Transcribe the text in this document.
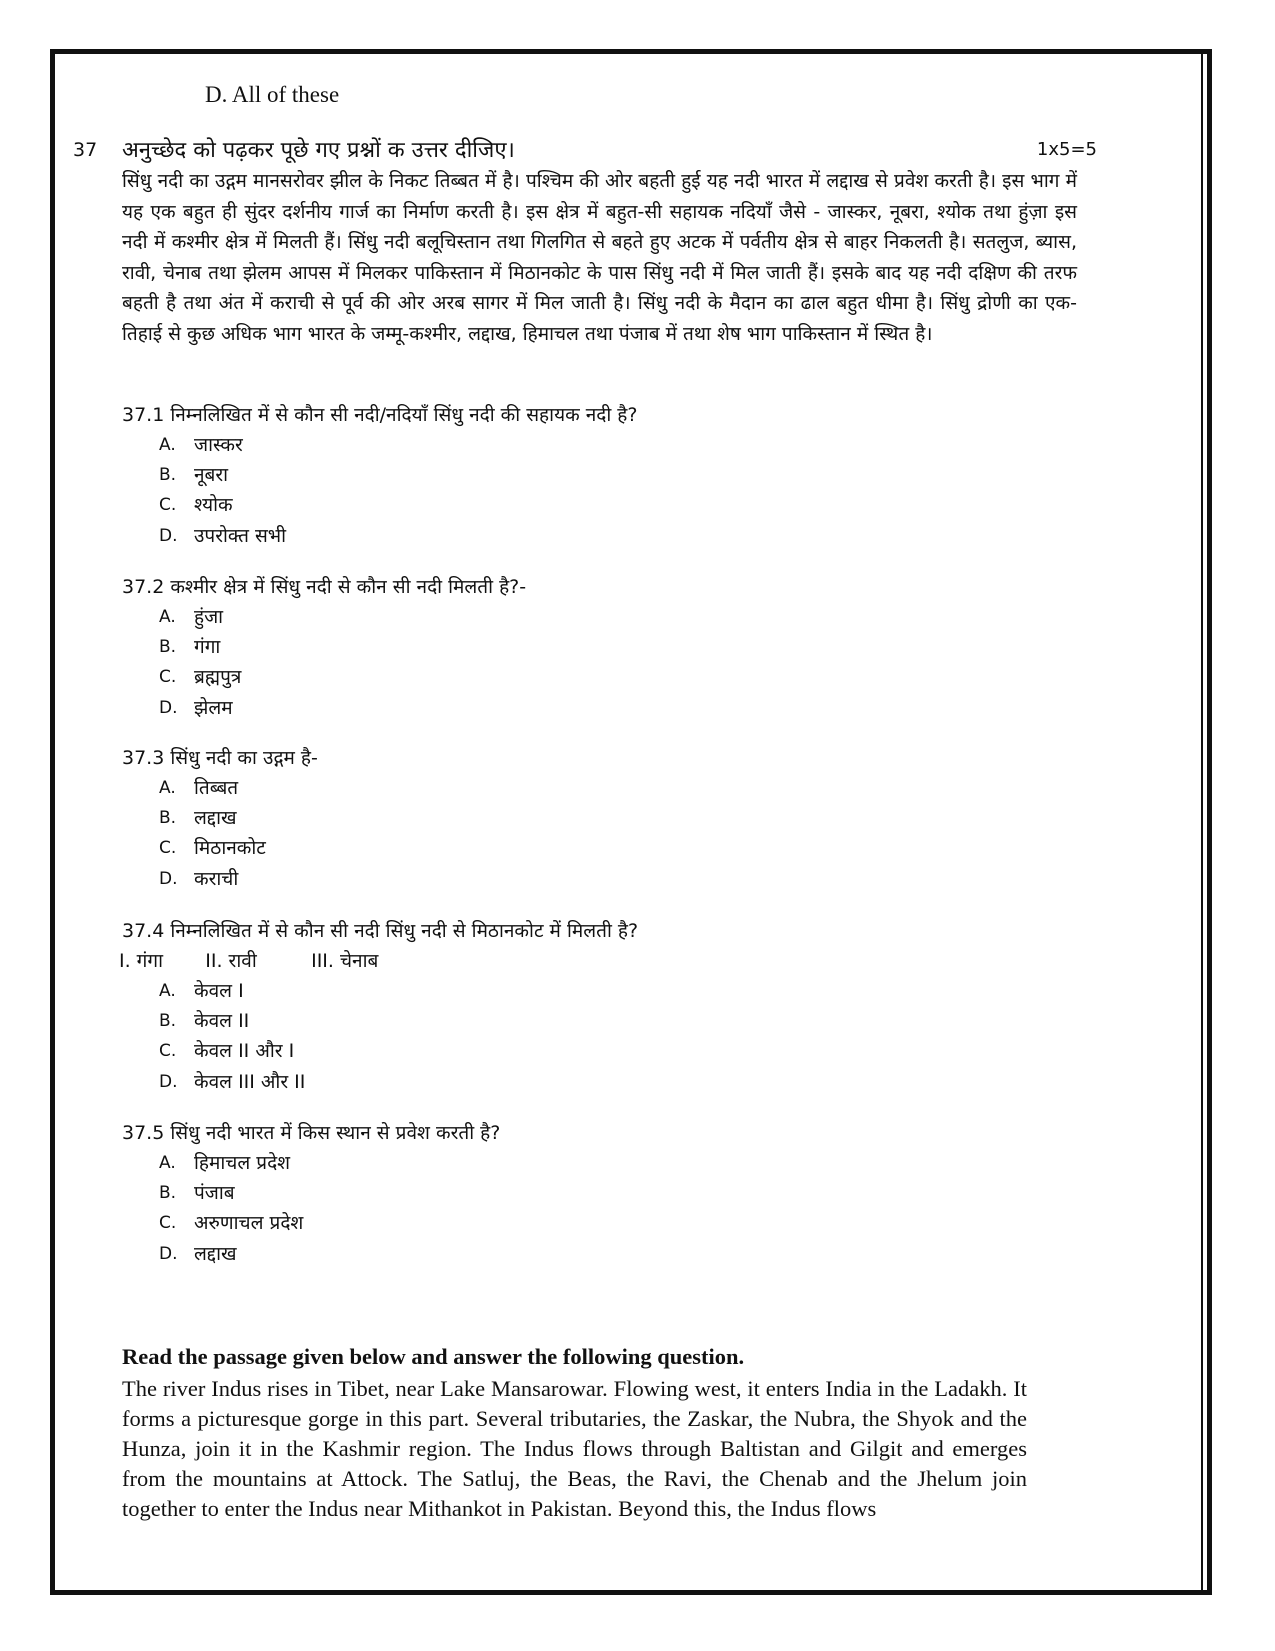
D. All of these
37 अनुच्छेद को पढ़कर पूछे गए प्रश्नों क उत्तर दीजिए।	1x5=5
सिंधु नदी का उद्गम मानसरोवर झील के निकट तिब्बत में है। पश्चिम की ओर बहती हुई यह नदी भारत में लद्दाख से प्रवेश करती है। इस भाग में यह एक बहुत ही सुंदर दर्शनीय गार्ज का निर्माण करती है। इस क्षेत्र में बहुत-सी सहायक नदियाँ जैसे - जास्कर, नूबरा, श्योक तथा हुंज़ा इस नदी में कश्मीर क्षेत्र में मिलती हैं। सिंधु नदी बलूचिस्तान तथा गिलगित से बहते हुए अटक में पर्वतीय क्षेत्र से बाहर निकलती है। सतलुज, ब्यास, रावी, चेनाब तथा झेलम आपस में मिलकर पाकिस्तान में मिठानकोट के पास सिंधु नदी में मिल जाती हैं। इसके बाद यह नदी दक्षिण की तरफ बहती है तथा अंत में कराची से पूर्व की ओर अरब सागर में मिल जाती है। सिंधु नदी के मैदान का ढाल बहुत धीमा है। सिंधु द्रोणी का एक-तिहाई से कुछ अधिक भाग भारत के जम्मू-कश्मीर, लद्दाख, हिमाचल तथा पंजाब में तथा शेष भाग पाकिस्तान में स्थित है।
37.1 निम्नलिखित में से कौन सी नदी/नदियाँ सिंधु नदी की सहायक नदी है?
A. जास्कर
B. नूबरा
C. श्योक
D. उपरोक्त सभी
37.2 कश्मीर क्षेत्र में सिंधु नदी से कौन सी नदी मिलती है?-
A. हुंजा
B. गंगा
C. ब्रह्मपुत्र
D. झेलम
37.3 सिंधु नदी का उद्गम है-
A. तिब्बत
B. लद्दाख
C. मिठानकोट
D. कराची
37.4 निम्नलिखित में से कौन सी नदी सिंधु नदी से मिठानकोट में मिलती है?
I. गंगा       II. रावी         III. चेनाब
A. केवल I
B. केवल II
C. केवल II और I
D. केवल III और II
37.5 सिंधु नदी भारत में किस स्थान से प्रवेश करती है?
A. हिमाचल प्रदेश
B. पंजाब
C. अरुणाचल प्रदेश
D. लद्दाख
Read the passage given below and answer the following question.
The river Indus rises in Tibet, near Lake Mansarowar. Flowing west, it enters India in the Ladakh. It forms a picturesque gorge in this part. Several tributaries, the Zaskar, the Nubra, the Shyok and the Hunza, join it in the Kashmir region. The Indus flows through Baltistan and Gilgit and emerges from the mountains at Attock. The Satluj, the Beas, the Ravi, the Chenab and the Jhelum join together to enter the Indus near Mithankot in Pakistan. Beyond this, the Indus flows
